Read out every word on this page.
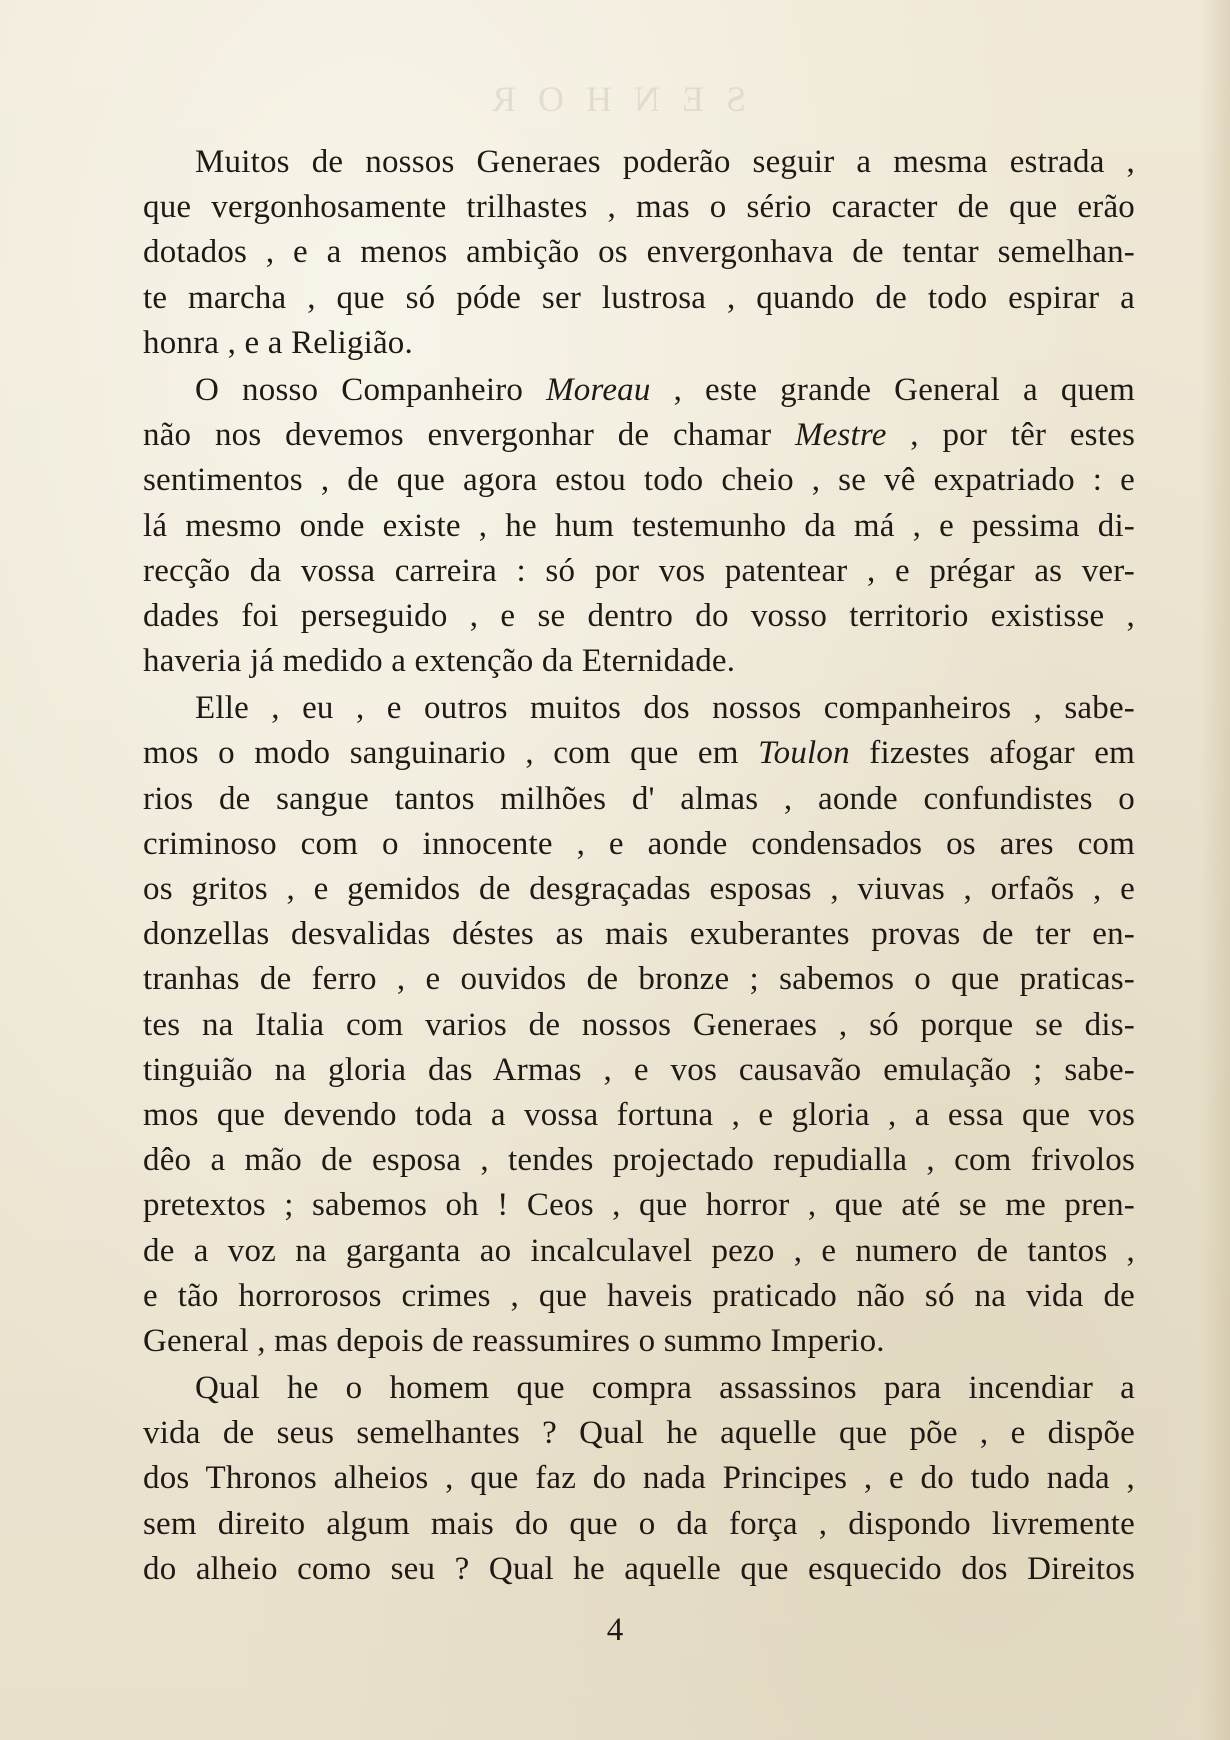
SENHOR
Muitos de nossos Generaes poderão seguir a mesma estrada ,
que vergonhosamente trilhastes , mas o sério caracter de que erão
dotados , e a menos ambição os envergonhava de tentar semelhan-
te marcha , que só póde ser lustrosa , quando de todo espirar a
honra , e a Religião.
O nosso Companheiro Moreau , este grande General a quem
não nos devemos envergonhar de chamar Mestre , por têr estes
sentimentos , de que agora estou todo cheio , se vê expatriado : e
lá mesmo onde existe , he hum testemunho da má , e pessima di-
recção da vossa carreira : só por vos patentear , e prégar as ver-
dades foi perseguido , e se dentro do vosso territorio existisse ,
haveria já medido a extenção da Eternidade.
Elle , eu , e outros muitos dos nossos companheiros , sabe-
mos o modo sanguinario , com que em Toulon fizestes afogar em
rios de sangue tantos milhões d' almas , aonde confundistes o
criminoso com o innocente , e aonde condensados os ares com
os gritos , e gemidos de desgraçadas esposas , viuvas , orfaõs , e
donzellas desvalidas déstes as mais exuberantes provas de ter en-
tranhas de ferro , e ouvidos de bronze ; sabemos o que praticas-
tes na Italia com varios de nossos Generaes , só porque se dis-
tinguião na gloria das Armas , e vos causavão emulação ; sabe-
mos que devendo toda a vossa fortuna , e gloria , a essa que vos
dêo a mão de esposa , tendes projectado repudialla , com frivolos
pretextos ; sabemos oh ! Ceos , que horror , que até se me pren-
de a voz na garganta ao incalculavel pezo , e numero de tantos ,
e tão horrorosos crimes , que haveis praticado não só na vida de
General , mas depois de reassumires o summo Imperio.
Qual he o homem que compra assassinos para incendiar a
vida de seus semelhantes ? Qual he aquelle que põe , e dispõe
dos Thronos alheios , que faz do nada Principes , e do tudo nada ,
sem direito algum mais do que o da força , dispondo livremente
do alheio como seu ? Qual he aquelle que esquecido dos Direitos
4
